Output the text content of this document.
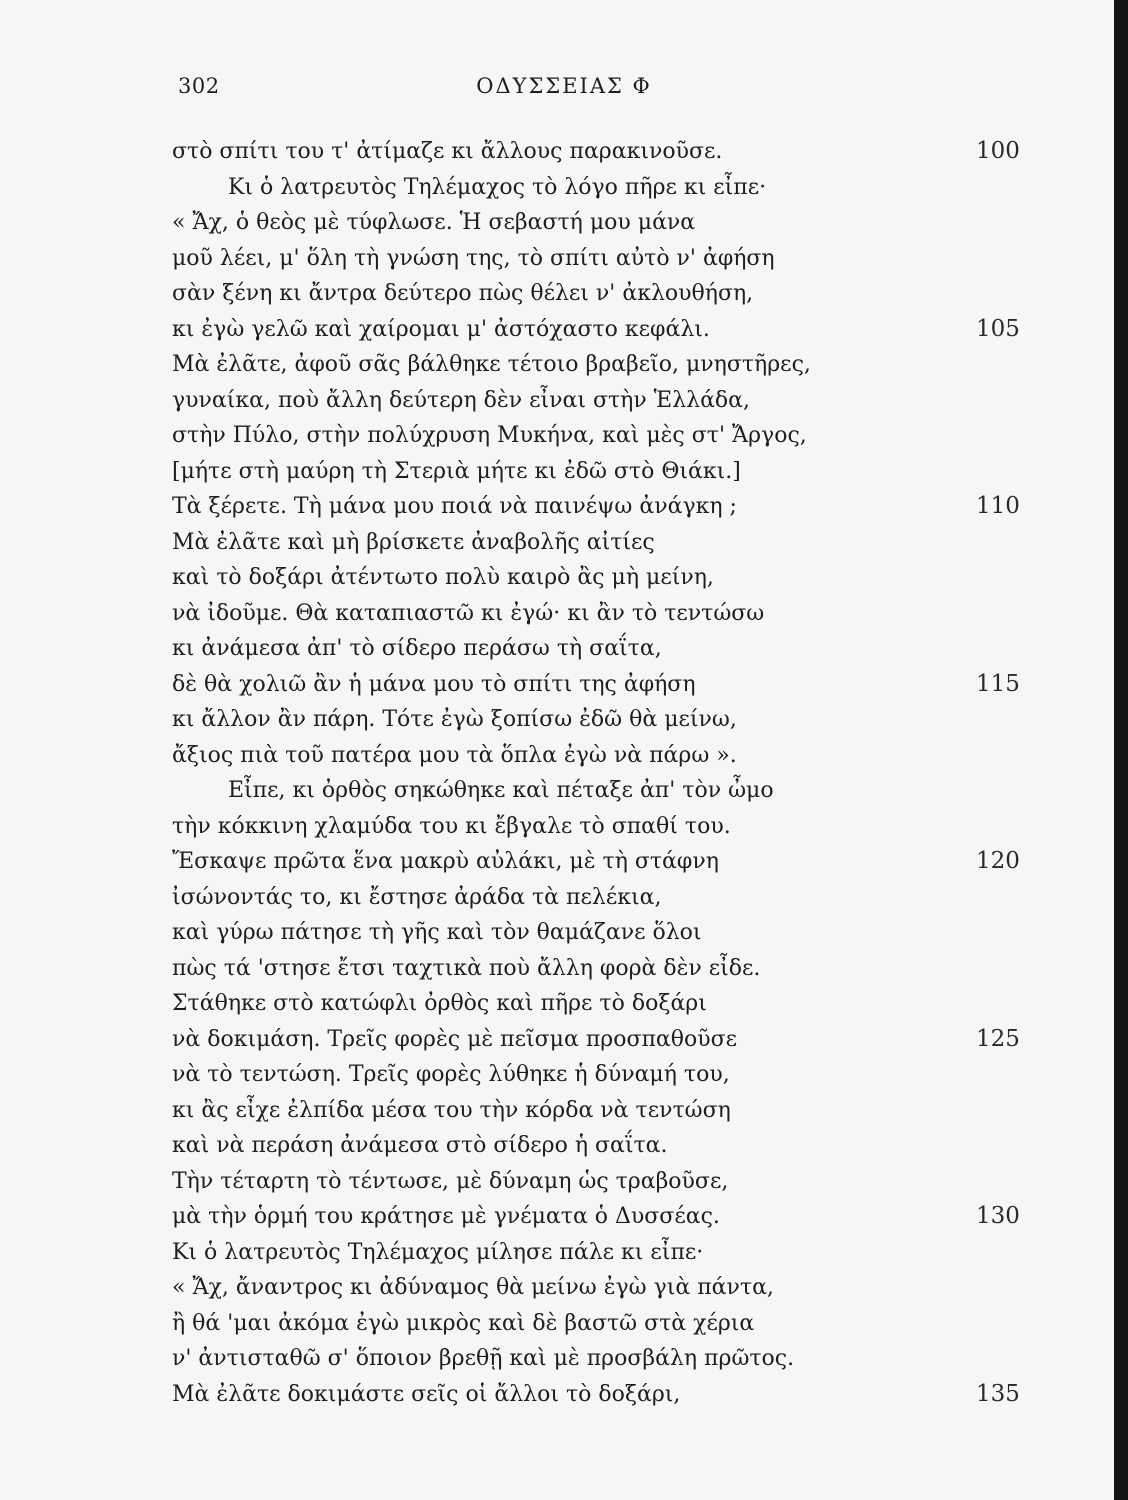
302	ΟΔΥΣΣΕΙΑΣ Φ
στὸ σπίτι του τ' ἀτίμαζε κι ἄλλους παρακινοῦσε.	100
Κι ὁ λατρευτὸς Τηλέμαχος τὸ λόγο πῆρε κι εἶπε·
« Ἄχ, ὁ θεὸς μὲ τύφλωσε. Ἡ σεβαστή μου μάνα
μοῦ λέει, μ' ὅλη τὴ γνώση της, τὸ σπίτι αὐτὸ ν' ἀφήση
σὰν ξένη κι ἄντρα δεύτερο πὼς θέλει ν' ἀκλουθήση,
κι ἐγὼ γελῶ καὶ χαίρομαι μ' ἀστόχαστο κεφάλι.	105
Μὰ ἐλᾶτε, ἀφοῦ σᾶς βάλθηκε τέτοιο βραβεῖο, μνηστῆρες,
γυναίκα, ποὺ ἄλλη δεύτερη δὲν εἶναι στὴν Ἑλλάδα,
στὴν Πύλο, στὴν πολύχρυση Μυκήνα, καὶ μὲς στ' Ἄργος,
[μήτε στὴ μαύρη τὴ Στεριὰ μήτε κι ἐδῶ στὸ Θιάκι.]
Τὰ ξέρετε. Τὴ μάνα μου ποιά νὰ παινέψω ἀνάγκη ;	110
Μὰ ἐλᾶτε καὶ μὴ βρίσκετε ἀναβολῆς αἰτίες
καὶ τὸ δοξάρι ἀτέντωτο πολὺ καιρὸ ἂς μὴ μείνη,
νὰ ἰδοῦμε. Θὰ καταπιαστῶ κι ἐγώ· κι ἂν τὸ τεντώσω
κι ἀνάμεσα ἀπ' τὸ σίδερο περάσω τὴ σαΐτα,
δὲ θὰ χολιῶ ἂν ἡ μάνα μου τὸ σπίτι της ἀφήση	115
κι ἄλλον ἂν πάρη. Τότε ἐγὼ ξοπίσω ἐδῶ θὰ μείνω,
ἄξιος πιὰ τοῦ πατέρα μου τὰ ὅπλα ἐγὼ νὰ πάρω ».
Εἶπε, κι ὀρθὸς σηκώθηκε καὶ πέταξε ἀπ' τὸν ὦμο
τὴν κόκκινη χλαμύδα του κι ἔβγαλε τὸ σπαθί του.
Ἔσκαψε πρῶτα ἕνα μακρὺ αὐλάκι, μὲ τὴ στάφνη	120
ἰσώνοντάς το, κι ἔστησε ἀράδα τὰ πελέκια,
καὶ γύρω πάτησε τὴ γῆς καὶ τὸν θαμάζανε ὅλοι
πὼς τά 'στησε ἔτσι ταχτικὰ ποὺ ἄλλη φορὰ δὲν εἶδε.
Στάθηκε στὸ κατώφλι ὀρθὸς καὶ πῆρε τὸ δοξάρι
νὰ δοκιμάση. Τρεῖς φορὲς μὲ πεῖσμα προσπαθοῦσε	125
νὰ τὸ τεντώση. Τρεῖς φορὲς λύθηκε ἡ δύναμή του,
κι ἂς εἶχε ἐλπίδα μέσα του τὴν κόρδα νὰ τεντώση
καὶ νὰ περάση ἀνάμεσα στὸ σίδερο ἡ σαΐτα.
Τὴν τέταρτη τὸ τέντωσε, μὲ δύναμη ὡς τραβοῦσε,
μὰ τὴν ὁρμή του κράτησε μὲ γνέματα ὁ Δυσσέας.	130
Κι ὁ λατρευτὸς Τηλέμαχος μίλησε πάλε κι εἶπε·
« Ἄχ, ἄναντρος κι ἀδύναμος θὰ μείνω ἐγὼ γιὰ πάντα,
ἢ θά 'μαι ἀκόμα ἐγὼ μικρὸς καὶ δὲ βαστῶ στὰ χέρια
ν' ἀντισταθῶ σ' ὅποιον βρεθῇ καὶ μὲ προσβάλη πρῶτος.
Μὰ ἐλᾶτε δοκιμάστε σεῖς οἱ ἄλλοι τὸ δοξάρι,	135
